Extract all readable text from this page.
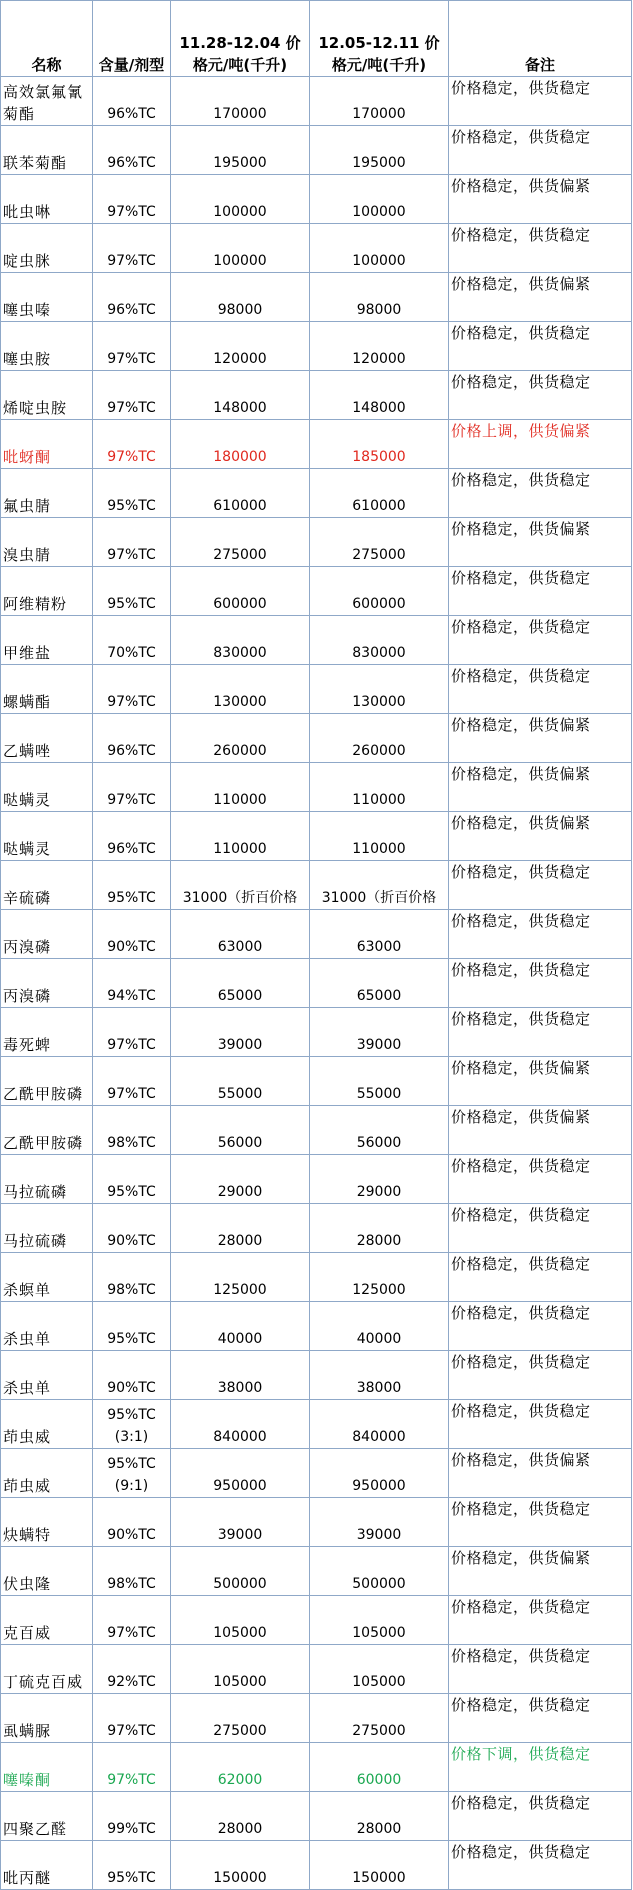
名称	含量/剂型	11.28-12.04 价格元/吨(千升)	12.05-12.11 价格元/吨(千升)	备注
高效氯氟氰菊酯	96%TC	170000	170000	价格稳定，供货稳定
联苯菊酯	96%TC	195000	195000	价格稳定，供货稳定
吡虫啉	97%TC	100000	100000	价格稳定，供货偏紧
啶虫脒	97%TC	100000	100000	价格稳定，供货稳定
噻虫嗪	96%TC	98000	98000	价格稳定，供货偏紧
噻虫胺	97%TC	120000	120000	价格稳定，供货稳定
烯啶虫胺	97%TC	148000	148000	价格稳定，供货稳定
吡蚜酮	97%TC	180000	185000	价格上调，供货偏紧
氟虫腈	95%TC	610000	610000	价格稳定，供货稳定
溴虫腈	97%TC	275000	275000	价格稳定，供货偏紧
阿维精粉	95%TC	600000	600000	价格稳定，供货稳定
甲维盐	70%TC	830000	830000	价格稳定，供货稳定
螺螨酯	97%TC	130000	130000	价格稳定，供货稳定
乙螨唑	96%TC	260000	260000	价格稳定，供货偏紧
哒螨灵	97%TC	110000	110000	价格稳定，供货偏紧
哒螨灵	96%TC	110000	110000	价格稳定，供货偏紧
辛硫磷	95%TC	31000（折百价格	31000（折百价格	价格稳定，供货稳定
丙溴磷	90%TC	63000	63000	价格稳定，供货稳定
丙溴磷	94%TC	65000	65000	价格稳定，供货稳定
毒死蜱	97%TC	39000	39000	价格稳定，供货稳定
乙酰甲胺磷	97%TC	55000	55000	价格稳定，供货偏紧
乙酰甲胺磷	98%TC	56000	56000	价格稳定，供货偏紧
马拉硫磷	95%TC	29000	29000	价格稳定，供货稳定
马拉硫磷	90%TC	28000	28000	价格稳定，供货稳定
杀螟单	98%TC	125000	125000	价格稳定，供货稳定
杀虫单	95%TC	40000	40000	价格稳定，供货稳定
杀虫单	90%TC	38000	38000	价格稳定，供货稳定
茚虫威	95%TC (3:1)	840000	840000	价格稳定，供货稳定
茚虫威	95%TC (9:1)	950000	950000	价格稳定，供货偏紧
炔螨特	90%TC	39000	39000	价格稳定，供货稳定
伏虫隆	98%TC	500000	500000	价格稳定，供货偏紧
克百威	97%TC	105000	105000	价格稳定，供货稳定
丁硫克百威	92%TC	105000	105000	价格稳定，供货稳定
虱螨脲	97%TC	275000	275000	价格稳定，供货稳定
噻嗪酮	97%TC	62000	60000	价格下调，供货稳定
四聚乙醛	99%TC	28000	28000	价格稳定，供货稳定
吡丙醚	95%TC	150000	150000	价格稳定，供货稳定
